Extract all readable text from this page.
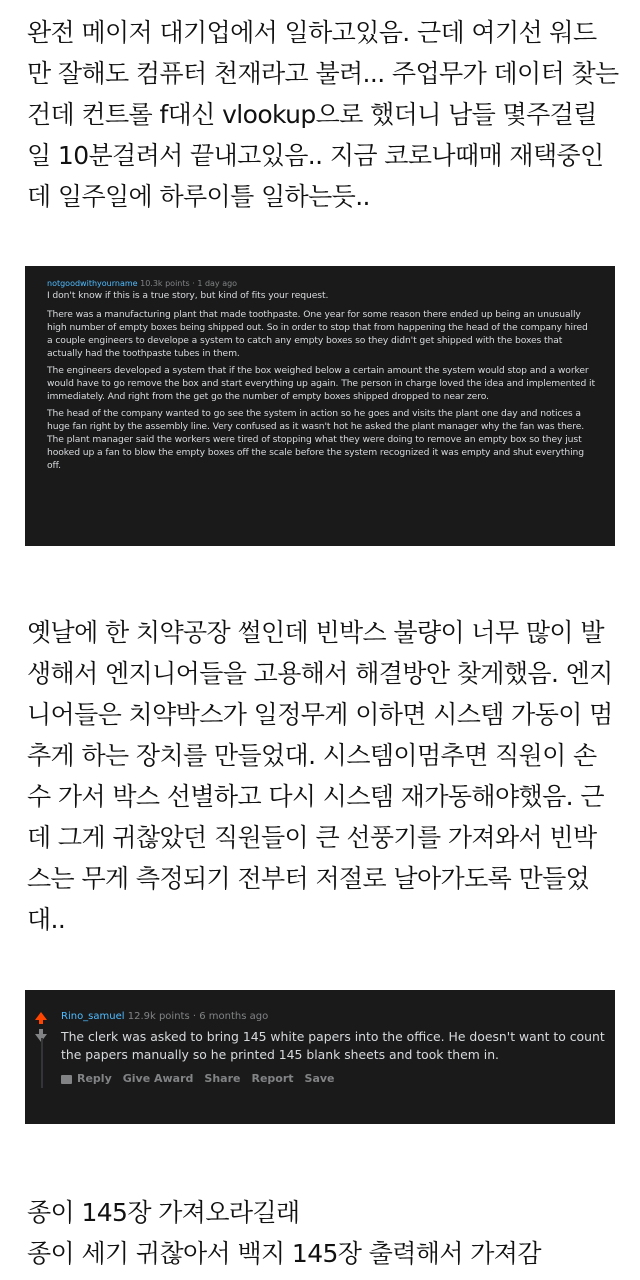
완전 메이저 대기업에서 일하고있음. 근데 여기선 워드
만 잘해도 컴퓨터 천재라고 불려... 주업무가 데이터 찾는
건데 컨트롤 f대신 vlookup으로 했더니 남들 몇주걸릴
일 10분걸려서 끝내고있음.. 지금 코로나때매 재택중인
데 일주일에 하루이틀 일하는듯..
notgoodwithyourname 10.3k points · 1 day ago

I don't know if this is a true story, but kind of fits your request.

There was a manufacturing plant that made toothpaste. One year for some reason there ended up being an unusually high number of empty boxes being shipped out. So in order to stop that from happening the head of the company hired a couple engineers to develope a system to catch any empty boxes so they didn't get shipped with the boxes that actually had the toothpaste tubes in them.

The engineers developed a system that if the box weighed below a certain amount the system would stop and a worker would have to go remove the box and start everything up again. The person in charge loved the idea and implemented it immediately. And right from the get go the number of empty boxes shipped dropped to near zero.

The head of the company wanted to go see the system in action so he goes and visits the plant one day and notices a huge fan right by the assembly line. Very confused as it wasn't hot he asked the plant manager why the fan was there. The plant manager said the workers were tired of stopping what they were doing to remove an empty box so they just hooked up a fan to blow the empty boxes off the scale before the system recognized it was empty and shut everything off.

옛날에 한 치약공장 썰인데 빈박스 불량이 너무 많이 발
생해서 엔지니어들을 고용해서 해결방안 찾게했음. 엔지
니어들은 치약박스가 일정무게 이하면 시스템 가동이 멈
추게 하는 장치를 만들었대. 시스템이멈추면 직원이 손
수 가서 박스 선별하고 다시 시스템 재가동해야했음. 근
데 그게 귀찮았던 직원들이 큰 선풍기를 가져와서 빈박
스는 무게 측정되기 전부터 저절로 날아가도록 만들었
대..
Rino_samuel 12.9k points · 6 months ago
The clerk was asked to bring 145 white papers into the office. He doesn't want to count the papers manually so he printed 145 blank sheets and took them in.
Reply Give Award Share Report Save
종이 145장 가져오라길래
종이 세기 귀찮아서 백지 145장 출력해서 가져감
